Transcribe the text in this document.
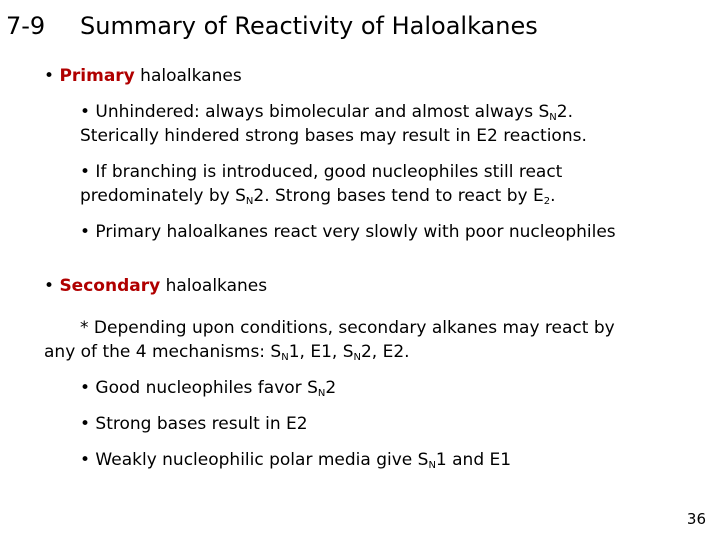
7-9 Summary of Reactivity of Haloalkanes
• Primary haloalkanes
• Unhindered: always bimolecular and almost always $S_N2$.
Sterically hindered strong bases may result in E2 reactions.
• If branching is introduced, good nucleophiles still react
predominately by $S_N2$. Strong bases tend to react by $E_2$.
• Primary haloalkanes react very slowly with poor nucleophiles
• Secondary haloalkanes
* Depending upon conditions, secondary alkanes may react by
any of the 4 mechanisms: $S_N1$, E1, $S_N2$, E2.
• Good nucleophiles favor $S_N2$
• Strong bases result in E2
• Weakly nucleophilic polar media give $S_N1$ and E1
36
